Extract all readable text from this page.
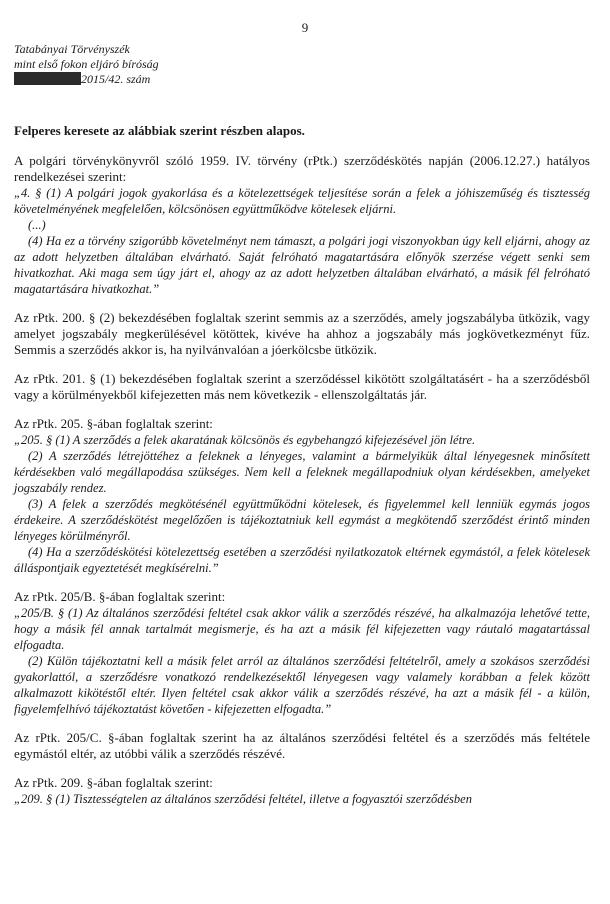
9
Tatabányai Törvényszék
mint első fokon eljáró bíróság
2015/42. szám

Felperes keresete az alábbiak szerint részben alapos.

A polgári törvénykönyvről szóló 1959. IV. törvény (rPtk.) szerződéskötés napján (2006.12.27.) hatályos rendelkezései szerint:

„4. § (1) A polgári jogok gyakorlása és a kötelezettségek teljesítése során a felek a jóhiszeműség és tisztesség követelményének megfelelően, kölcsönösen együttműködve kötelesek eljárni.

(...)

(4) Ha ez a törvény szigorúbb követelményt nem támaszt, a polgári jogi viszonyokban úgy kell eljárni, ahogy az az adott helyzetben általában elvárható. Saját felróható magatartására előnyök szerzése végett senki sem hivatkozhat. Aki maga sem úgy járt el, ahogy az az adott helyzetben általában elvárható, a másik fél felróható magatartására hivatkozhat.”

Az rPtk. 200. § (2) bekezdésében foglaltak szerint semmis az a szerződés, amely jogszabályba ütközik, vagy amelyet jogszabály megkerülésével kötöttek, kivéve ha ahhoz a jogszabály más jogkövetkezményt fűz. Semmis a szerződés akkor is, ha nyilvánvalóan a jóerkölcsbe ütközik.

Az rPtk. 201. § (1) bekezdésében foglaltak szerint a szerződéssel kikötött szolgáltatásért - ha a szerződésből vagy a körülményekből kifejezetten más nem következik - ellenszolgáltatás jár.

Az rPtk. 205. §-ában foglaltak szerint:

„205. § (1) A szerződés a felek akaratának kölcsönös és egybehangzó kifejezésével jön létre.

(2) A szerződés létrejöttéhez a feleknek a lényeges, valamint a bármelyikük által lényegesnek minősített kérdésekben való megállapodása szükséges. Nem kell a feleknek megállapodniuk olyan kérdésekben, amelyeket jogszabály rendez.

(3) A felek a szerződés megkötésénél együttműködni kötelesek, és figyelemmel kell lenniük egymás jogos érdekeire. A szerződéskötést megelőzően is tájékoztatniuk kell egymást a megkötendő szerződést érintő minden lényeges körülményről.

(4) Ha a szerződéskötési kötelezettség esetében a szerződési nyilatkozatok eltérnek egymástól, a felek kötelesek álláspontjaik egyeztetését megkísérelni.”

Az rPtk. 205/B. §-ában foglaltak szerint:

„205/B. § (1) Az általános szerződési feltétel csak akkor válik a szerződés részévé, ha alkalmazója lehetővé tette, hogy a másik fél annak tartalmát megismerje, és ha azt a másik fél kifejezetten vagy ráutaló magatartással elfogadta.

(2) Külön tájékoztatni kell a másik felet arról az általános szerződési feltételről, amely a szokásos szerződési gyakorlattól, a szerződésre vonatkozó rendelkezésektől lényegesen vagy valamely korábban a felek között alkalmazott kikötéstől eltér. Ilyen feltétel csak akkor válik a szerződés részévé, ha azt a másik fél - a külön, figyelemfelhívó tájékoztatást követően - kifejezetten elfogadta.”

Az rPtk. 205/C. §-ában foglaltak szerint ha az általános szerződési feltétel és a szerződés más feltétele egymástól eltér, az utóbbi válik a szerződés részévé.

Az rPtk. 209. §-ában foglaltak szerint:

„209. § (1) Tisztességtelen az általános szerződési feltétel, illetve a fogyasztói szerződésben
